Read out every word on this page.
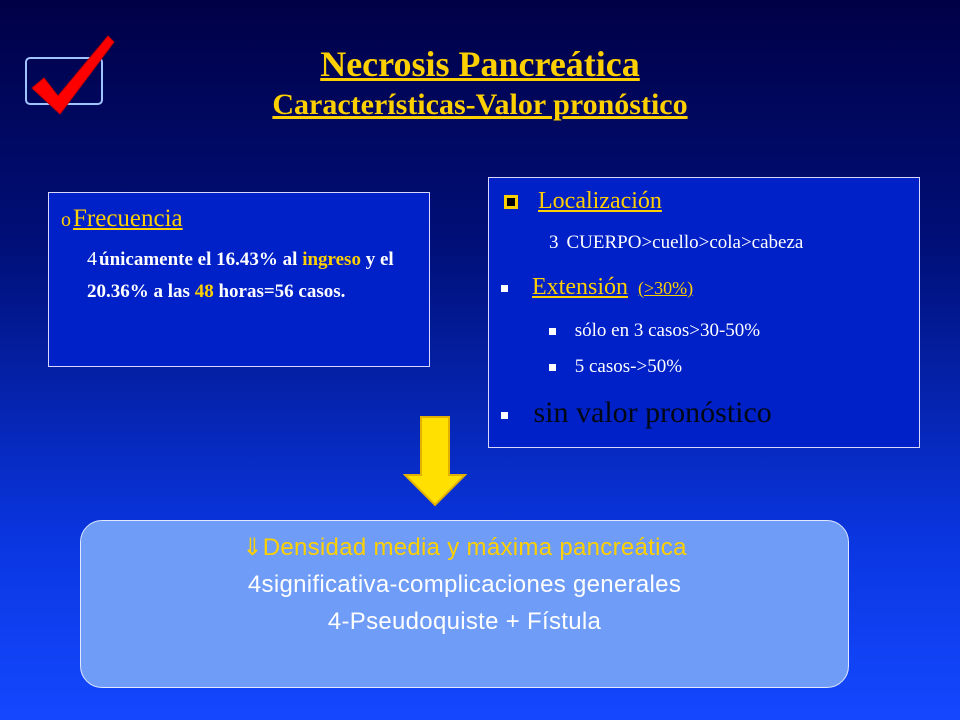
Necrosis Pancreática
Características-Valor pronóstico
oFrecuencia
4 únicamente el 16.43% al ingreso y el 20.36% a las 48 horas=56 casos.
Localización
3 CUERPO>cuello>cola>cabeza
Extensión (>30%)
sólo en 3 casos>30-50%
5 casos->50%
sin valor pronóstico
⇓Densidad media y máxima pancreática
4significativa-complicaciones generales
4-Pseudoquiste + Fístula
